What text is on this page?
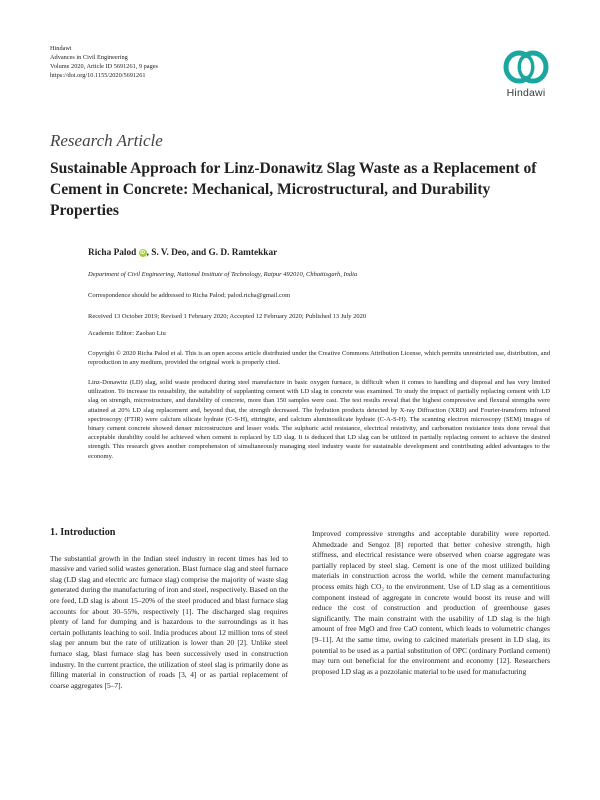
Hindawi
Advances in Civil Engineering
Volume 2020, Article ID 5691261, 9 pages
https://doi.org/10.1155/2020/5691261
Hindawi
Research Article
Sustainable Approach for Linz-Donawitz Slag Waste as a Replacement of Cement in Concrete: Mechanical, Microstructural, and Durability Properties
Richa Palod iD , S. V. Deo, and G. D. Ramtekkar
Department of Civil Engineering, National Institute of Technology, Raipur 492010, Chhattisgarh, India
Correspondence should be addressed to Richa Palod; palod.richa@gmail.com
Received 13 October 2019; Revised 1 February 2020; Accepted 12 February 2020; Published 13 July 2020
Academic Editor: Zaobao Liu
Copyright © 2020 Richa Palod et al. This is an open access article distributed under the Creative Commons Attribution License, which permits unrestricted use, distribution, and reproduction in any medium, provided the original work is properly cited.
Linz-Donawitz (LD) slag, solid waste produced during steel manufacture in basic oxygen furnace, is difficult when it comes to handling and disposal and has very limited utilization. To increase its reusability, the suitability of supplanting cement with LD slag in concrete was examined. To study the impact of partially replacing cement with LD slag on strength, microstructure, and durability of concrete, more than 150 samples were cast. The test results reveal that the highest compressive and flexural strengths were attained at 20% LD slag replacement and, beyond that, the strength decreased. The hydration products detected by X-ray Diffraction (XRD) and Fourier-transform infrared spectroscopy (FTIR) were calcium silicate hydrate (C-S-H), ettringite, and calcium aluminosilicate hydrate (C-A-S-H). The scanning electron microscopy (SEM) images of binary cement concrete showed denser microstructure and lesser voids. The sulphuric acid resistance, electrical resistivity, and carbonation resistance tests done reveal that acceptable durability could be achieved when cement is replaced by LD slag. It is deduced that LD slag can be utilized in partially replacing cement to achieve the desired strength. This research gives another comprehension of simultaneously managing steel industry waste for sustainable development and contributing added advantages to the economy.
1. Introduction

The substantial growth in the Indian steel industry in recent times has led to massive and varied solid wastes generation. Blast furnace slag and steel furnace slag (LD slag and electric arc furnace slag) comprise the majority of waste slag generated during the manufacturing of iron and steel, respectively. Based on the ore feed, LD slag is about 15–20% of the steel produced and blast furnace slag accounts for about 30–55%, respectively [1]. The discharged slag requires plenty of land for dumping and is hazardous to the surroundings as it has certain pollutants leaching to soil. India produces about 12 million tons of steel slag per annum but the rate of utilization is lower than 20 [2]. Unlike steel furnace slag, blast furnace slag has been successively used in construction industry. In the current practice, the utilization of steel slag is primarily done as filling material in construction of roads [3, 4] or as partial replacement of coarse aggregates [5–7].

Improved compressive strengths and acceptable durability were reported. Ahmedzade and Sengoz [8] reported that better cohesive strength, high stiffness, and electrical resistance were observed when coarse aggregate was partially replaced by steel slag. Cement is one of the most utilized building materials in construction across the world, while the cement manufacturing process emits high CO₂ to the environment. Use of LD slag as a cementitious component instead of aggregate in concrete would boost its reuse and will reduce the cost of construction and production of greenhouse gases significantly. The main constraint with the usability of LD slag is the high amount of free MgO and free CaO content, which leads to volumetric changes [9–11]. At the same time, owing to calcined materials present in LD slag, its potential to be used as a partial substitution of OPC (ordinary Portland cement) may turn out beneficial for the environment and economy [12]. Researchers proposed LD slag as a pozzolanic material to be used for manufacturing
